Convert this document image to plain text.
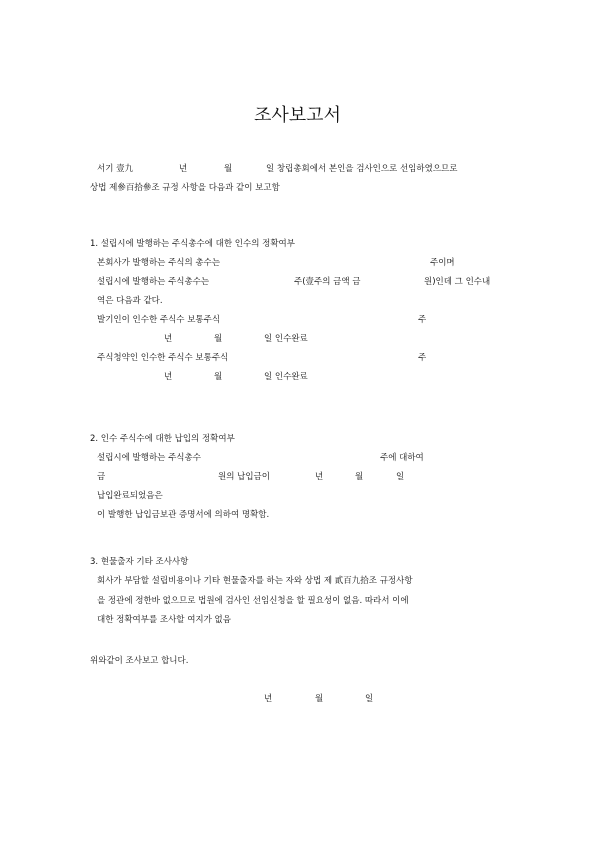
조사보고서
서기 壹九	년	월	일 창립총회에서 본인을 검사인으로 선임하였으므로
상법 제參百拾參조 규정 사항을 다음과 같이 보고함
1. 설립시에 발행하는 주식총수에 대한 인수의 정확여부
본회사가 발행하는 주식의 총수는	주이며
설립시에 발행하는 주식총수는	주(壹주의 금액 금	원)인데 그 인수내
역은 다음과 같다.
발기인이 인수한 주식수 보통주식	주
년	월	일 인수완료
주식청약인 인수한 주식수 보통주식	주
년	월	일 인수완료
2. 인수 주식수에 대한 납입의 정확여부
설립시에 발행하는 주식총수	주에 대하여
금	원의 납입금이	년	월	일
납입완료되었음은
이 발행한 납입금보관 증명서에 의하여 명확함.
3. 현물출자 기타 조사사항
회사가 부담할 설립비용이나 기타 현물출자를 하는 자와 상법 제 貳百九拾조 규정사항
을 정관에 정한바 없으므로 법원에 검사인 선임신청을 할 필요성이 없음. 따라서 이에
대한 정확여부를 조사할 여지가 없음
위와같이 조사보고 합니다.
년	월	일
